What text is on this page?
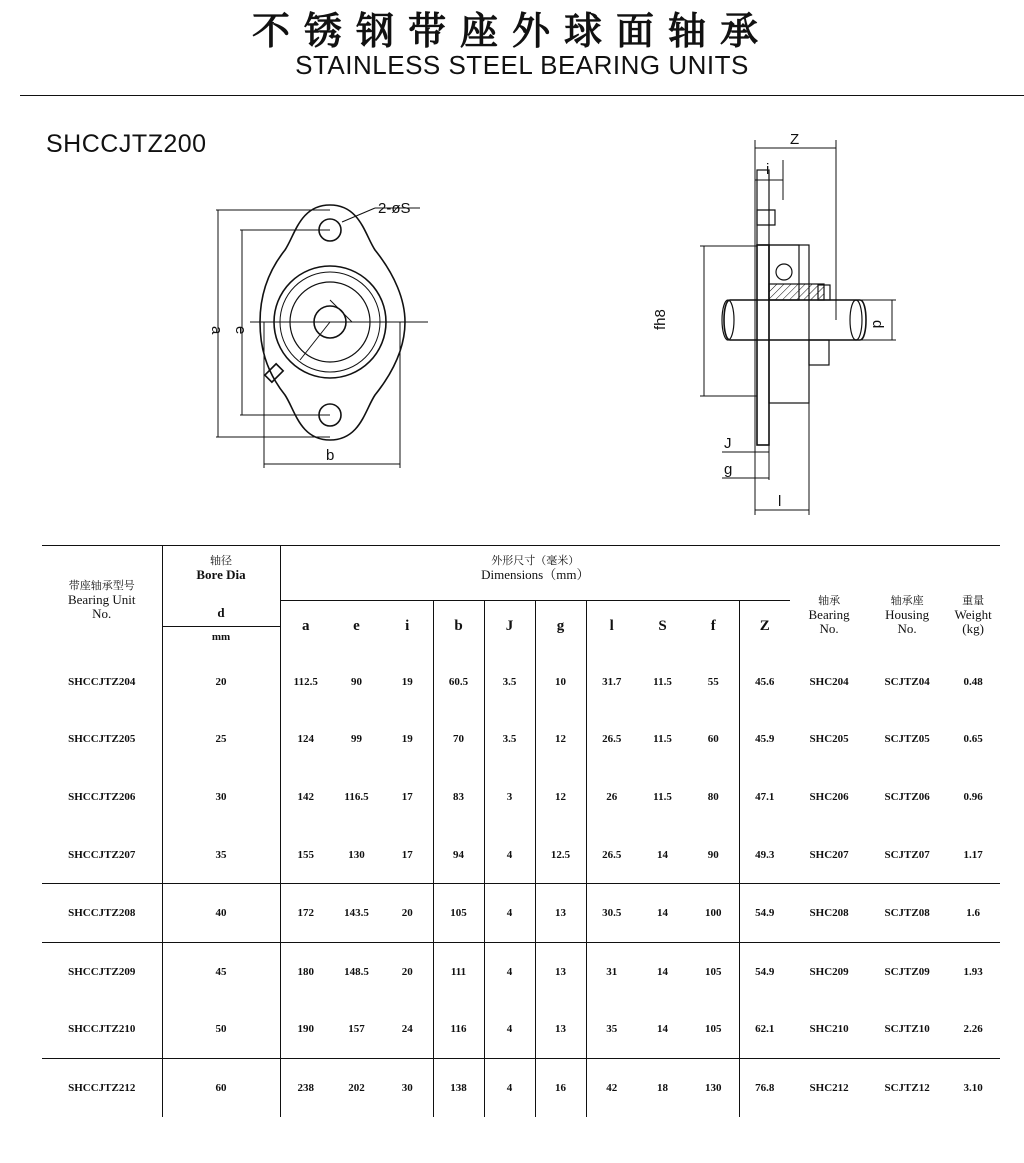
不锈钢带座外球面轴承
STAINLESS STEEL BEARING UNITS
SHCCJTZ200
2-øS
a e
b
Z
i
fh8	d
J
g
l
带座轴承型号
Bearing Unit
No.	轴径
Bore Dia	外形尺寸（毫米）
Dimensions（mm）										轴承
Bearing
No.	轴承座
Housing
No.	重量
Weight
(kg)

	d	a	e	i	b	J	g	l	S	f	Z			
	mm													
SHCCJTZ204	20	112.5	90	19	60.5	3.5	10	31.7	11.5	55	45.6	SHC204	SCJTZ04	0.48
SHCCJTZ205	25	124	99	19	70	3.5	12	26.5	11.5	60	45.9	SHC205	SCJTZ05	0.65
SHCCJTZ206	30	142	116.5	17	83	3	12	26	11.5	80	47.1	SHC206	SCJTZ06	0.96
SHCCJTZ207	35	155	130	17	94	4	12.5	26.5	14	90	49.3	SHC207	SCJTZ07	1.17
SHCCJTZ208	40	172	143.5	20	105	4	13	30.5	14	100	54.9	SHC208	SCJTZ08	1.6
SHCCJTZ209	45	180	148.5	20	111	4	13	31	14	105	54.9	SHC209	SCJTZ09	1.93
SHCCJTZ210	50	190	157	24	116	4	13	35	14	105	62.1	SHC210	SCJTZ10	2.26
SHCCJTZ212	60	238	202	30	138	4	16	42	18	130	76.8	SHC212	SCJTZ12	3.10
